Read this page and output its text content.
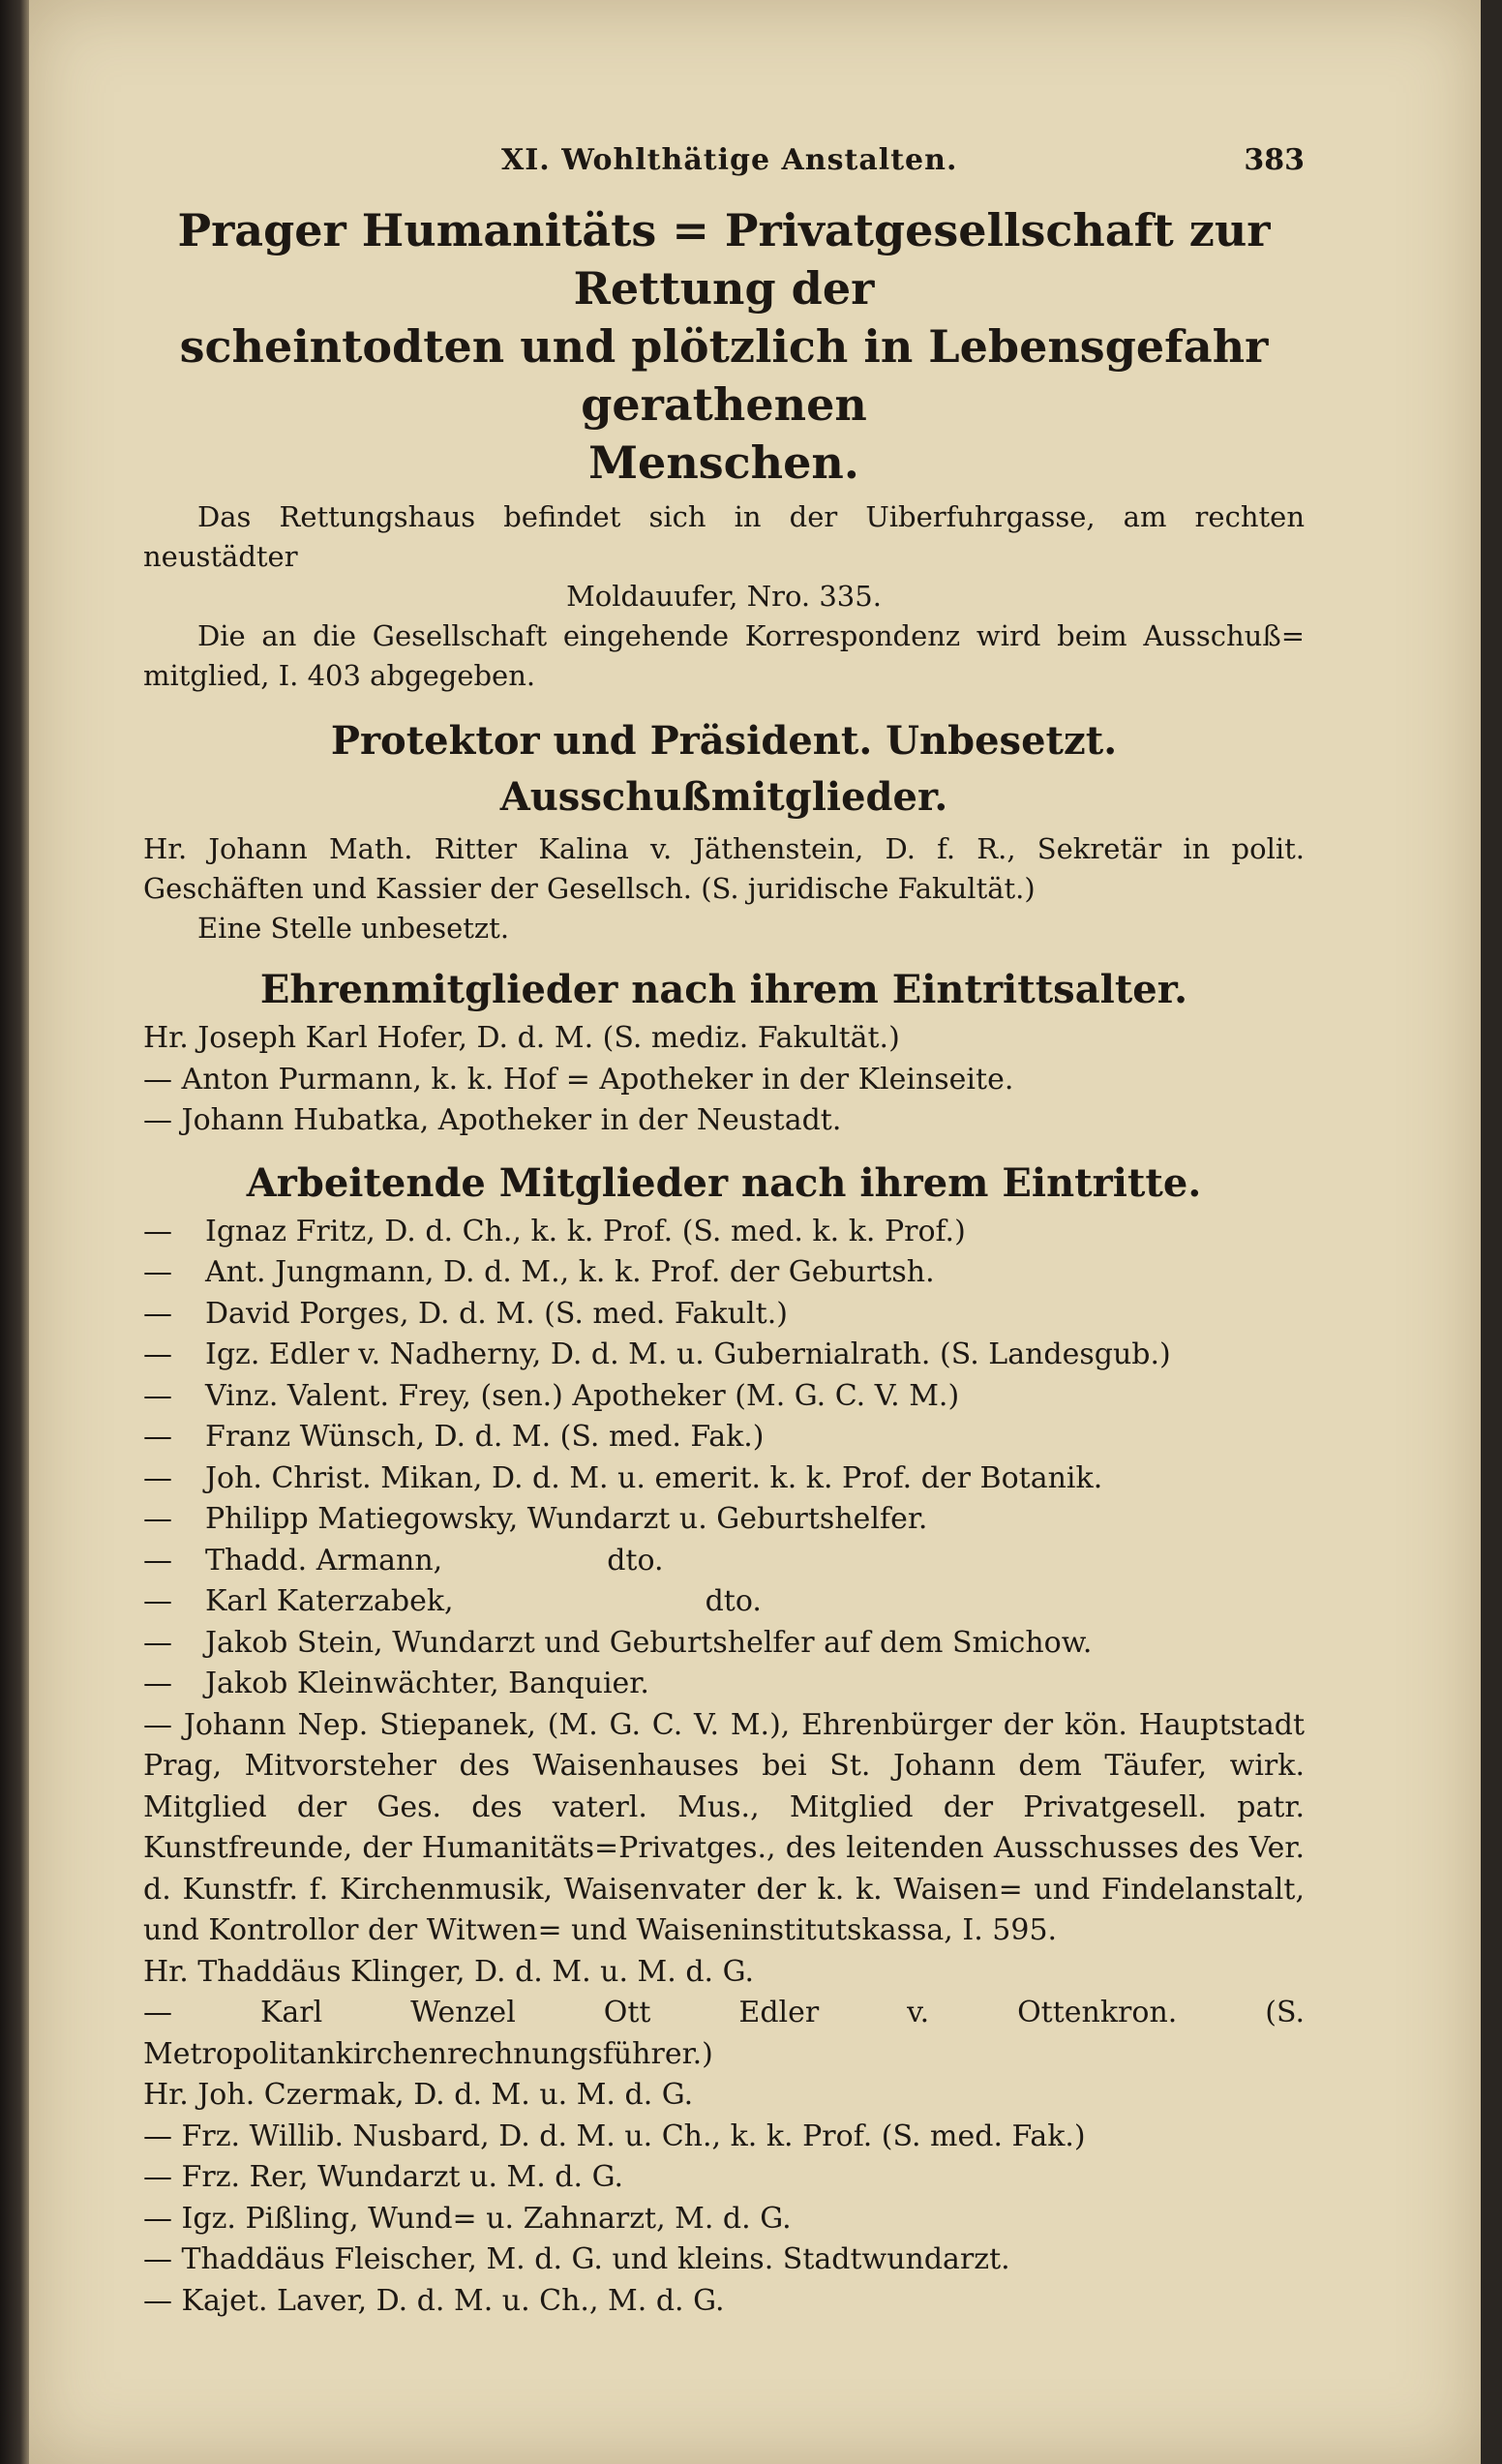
XI. Wohlthätige Anstalten.	383
Prager Humanitäts = Privatgesellschaft zur Rettung der
scheintodten und plötzlich in Lebensgefahr gerathenen
Menschen.
Das Rettungshaus befindet sich in der Uiberfuhrgasse, am rechten neustädter
Moldauufer, Nro. 335.
Die an die Gesellschaft eingehende Korrespondenz wird beim Ausschuß= mitglied, I. 403 abgegeben.
Protektor und Präsident. Unbesetzt.
Ausschußmitglieder.
Hr. Johann Math. Ritter Kalina v. Jäthenstein, D. f. R., Sekretär in polit. Geschäften und Kassier der Gesellsch. (S. juridische Fakultät.)
Eine Stelle unbesetzt.
Ehrenmitglieder nach ihrem Eintrittsalter.
Hr. Joseph Karl Hofer, D. d. M. (S. mediz. Fakultät.)
— Anton Purmann, k. k. Hof = Apotheker in der Kleinseite.
— Johann Hubatka, Apotheker in der Neustadt.
Arbeitende Mitglieder nach ihrem Eintritte.
— Ignaz Fritz, D. d. Ch., k. k. Prof. (S. med. k. k. Prof.)
— Ant. Jungmann, D. d. M., k. k. Prof. der Geburtsh.
— David Porges, D. d. M. (S. med. Fakult.)
— Igz. Edler v. Nadherny, D. d. M. u. Gubernialrath. (S. Landesgub.)
— Vinz. Valent. Frey, (sen.) Apotheker (M. G. C. V. M.)
— Franz Wünsch, D. d. M. (S. med. Fak.)
— Joh. Christ. Mikan, D. d. M. u. emerit. k. k. Prof. der Botanik.
— Philipp Matiegowsky, Wundarzt u. Geburtshelfer.
— Thadd. Armann,	dto.
— Karl Katerzabek,	dto.
— Jakob Stein, Wundarzt und Geburtshelfer auf dem Smichow.
— Jakob Kleinwächter, Banquier.
— Johann Nep. Stiepanek, (M. G. C. V. M.), Ehrenbürger der kön. Hauptstadt Prag, Mitvorsteher des Waisenhauses bei St. Johann dem Täufer, wirk. Mitglied der Ges. des vaterl. Mus., Mitglied der Privatgesell. patr. Kunstfreunde, der Humanitäts=Privatges., des leitenden Ausschusses des Ver. d. Kunstfr. f. Kirchenmusik, Waisenvater der k. k. Waisen= und Findelanstalt, und Kontrollor der Witwen= und Waiseninstitutskassa, I. 595.
Hr. Thaddäus Klinger, D. d. M. u. M. d. G.
— Karl Wenzel Ott Edler v. Ottenkron. (S. Metropolitankirchenrechnungsführer.)
Hr. Joh. Czermak, D. d. M. u. M. d. G.
— Frz. Willib. Nusbard, D. d. M. u. Ch., k. k. Prof. (S. med. Fak.)
— Frz. Rer, Wundarzt u. M. d. G.
— Igz. Pißling, Wund= u. Zahnarzt, M. d. G.
— Thaddäus Fleischer, M. d. G. und kleins. Stadtwundarzt.
— Kajet. Laver, D. d. M. u. Ch., M. d. G.
